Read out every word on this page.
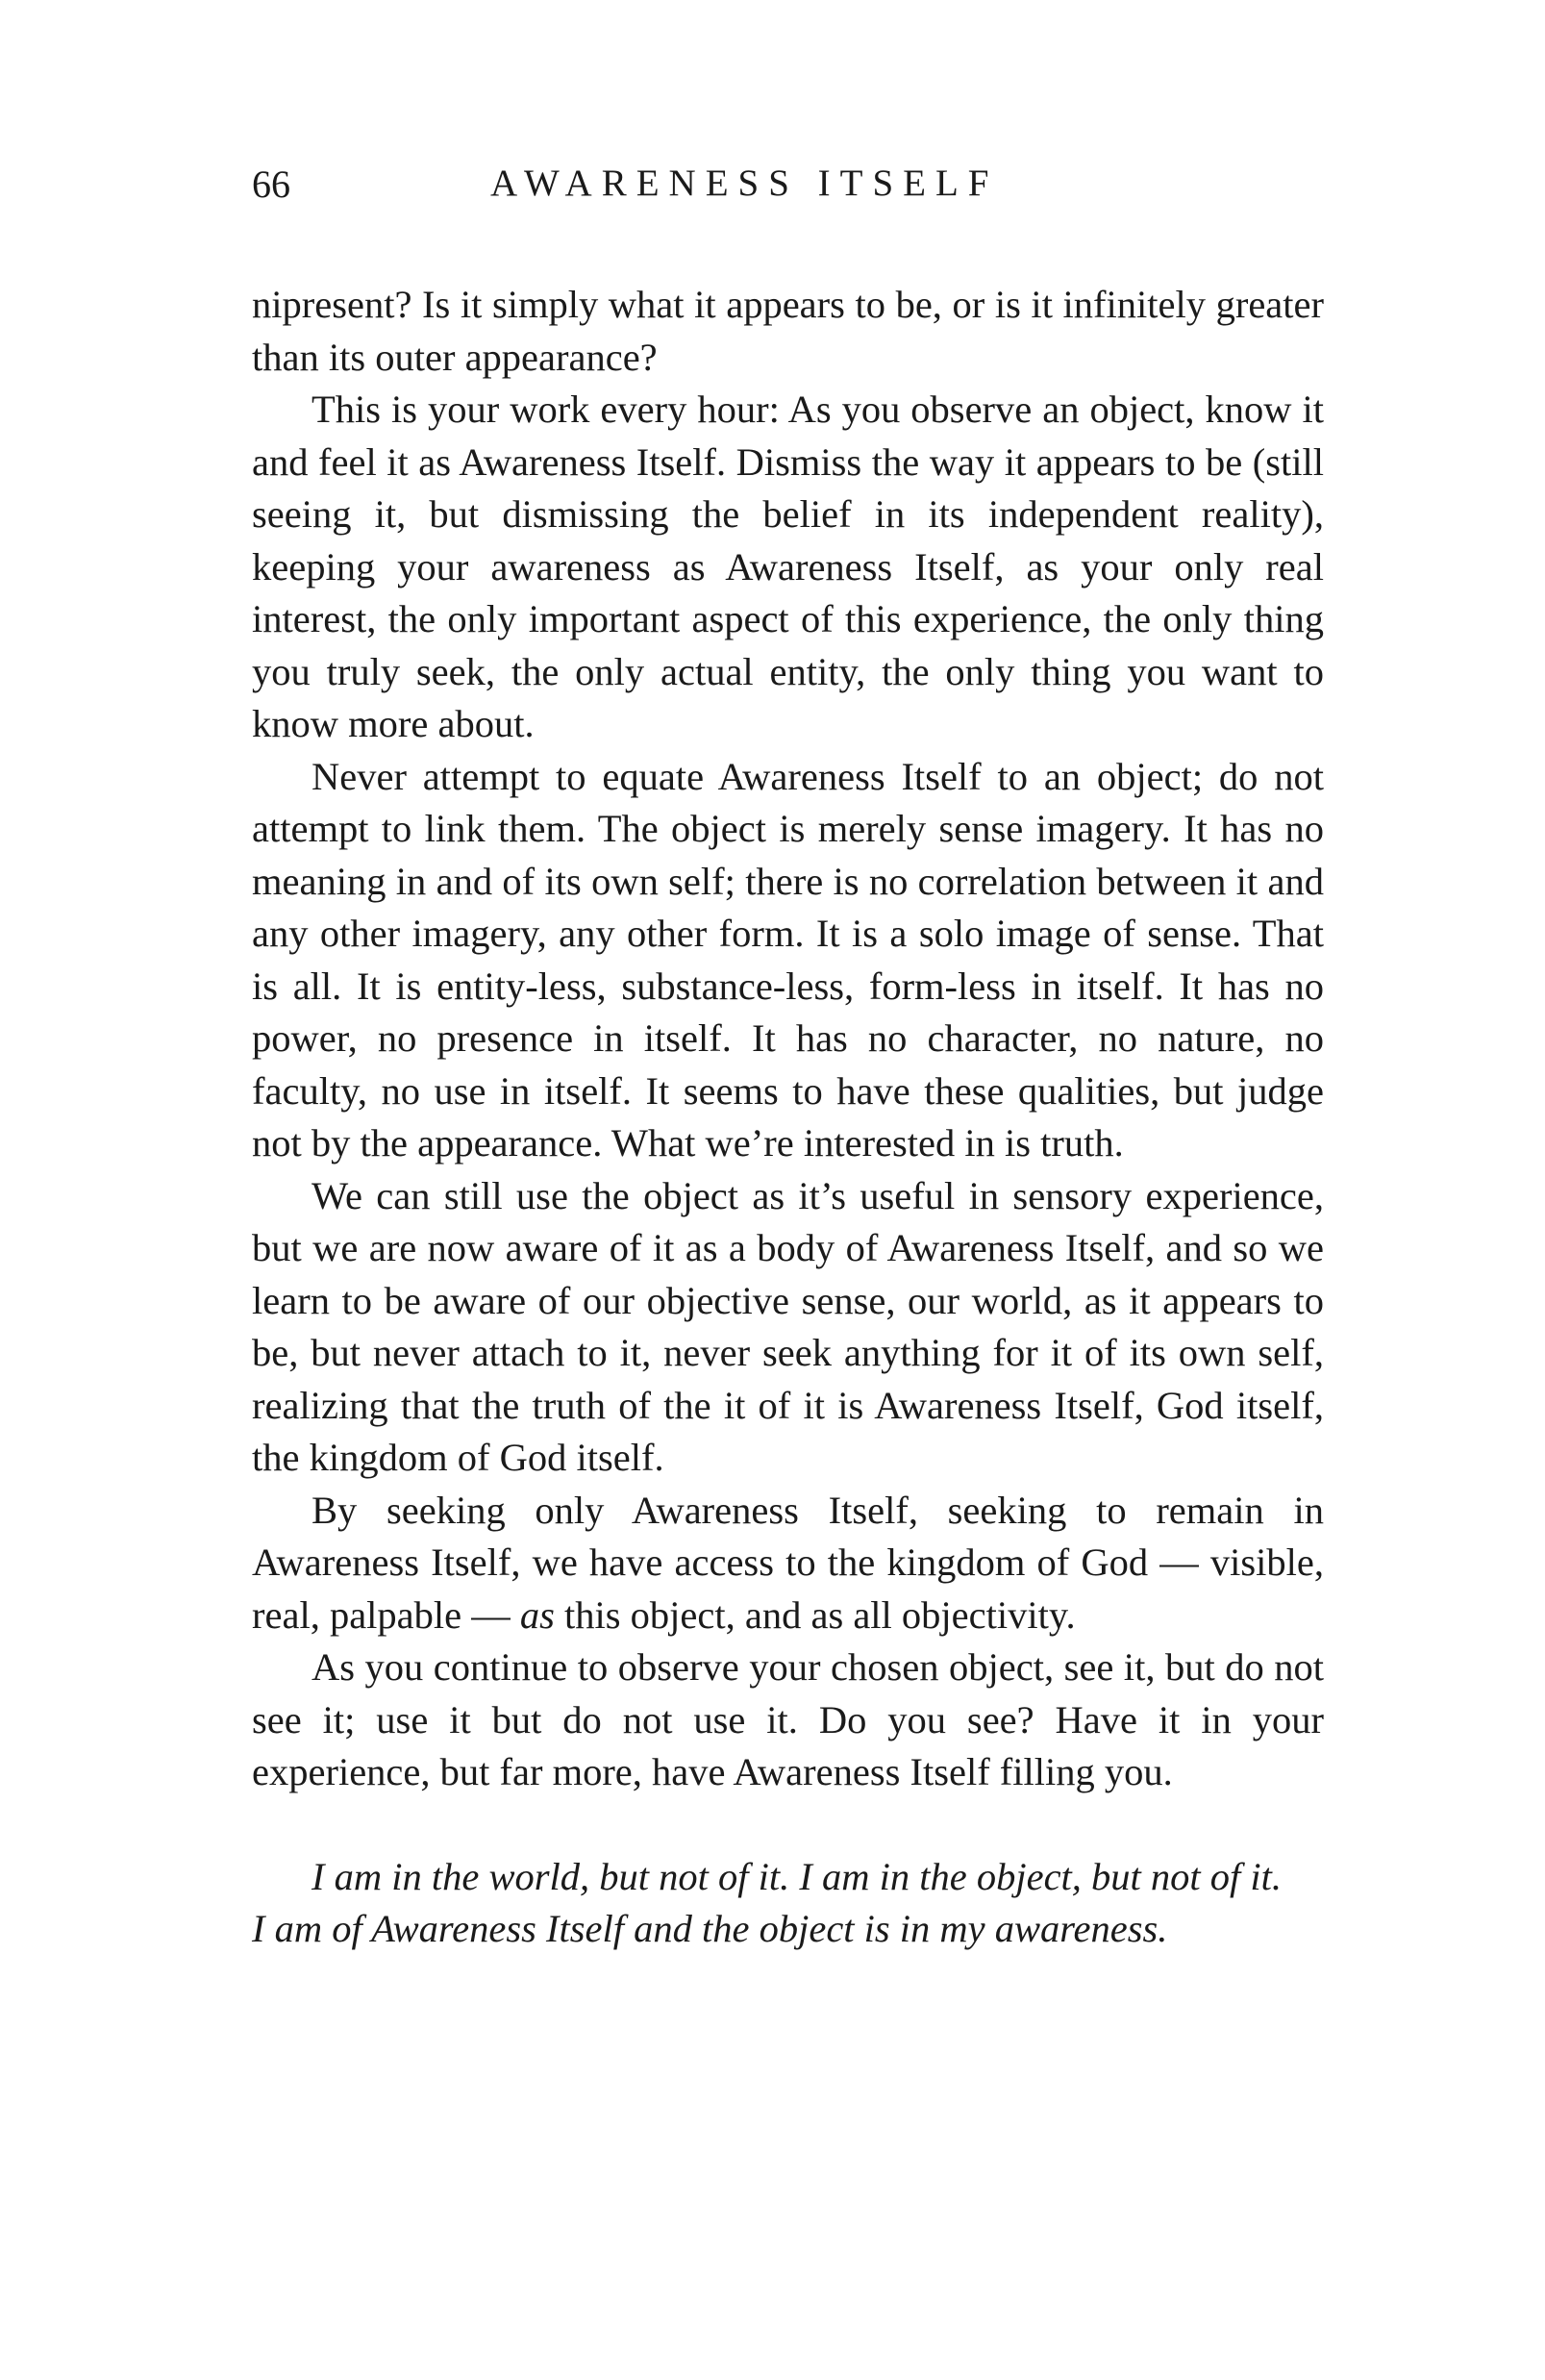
66	AWARENESS ITSELF

nipresent? Is it simply what it appears to be, or is it infinitely greater than its outer appearance?

This is your work every hour: As you observe an object, know it and feel it as Awareness Itself. Dismiss the way it appears to be (still seeing it, but dismissing the belief in its independent reality), keeping your awareness as Awareness Itself, as your only real interest, the only important aspect of this experience, the only thing you truly seek, the only actual entity, the only thing you want to know more about.

Never attempt to equate Awareness Itself to an object; do not attempt to link them. The object is merely sense imagery. It has no meaning in and of its own self; there is no correlation between it and any other imagery, any other form. It is a solo image of sense. That is all. It is entity-less, substance-less, form-less in itself. It has no power, no presence in itself. It has no character, no nature, no faculty, no use in itself. It seems to have these qualities, but judge not by the appearance. What we’re interested in is truth.

We can still use the object as it’s useful in sensory experience, but we are now aware of it as a body of Awareness Itself, and so we learn to be aware of our objective sense, our world, as it appears to be, but never attach to it, never seek anything for it of its own self, realizing that the truth of the it of it is Awareness Itself, God itself, the kingdom of God itself.

By seeking only Awareness Itself, seeking to remain in Awareness Itself, we have access to the kingdom of God — visible, real, palpable — as this object, and as all objectivity.

As you continue to observe your chosen object, see it, but do not see it; use it but do not use it. Do you see? Have it in your experience, but far more, have Awareness Itself filling you.

I am in the world, but not of it. I am in the object, but not of it.
I am of Awareness Itself and the object is in my awareness.
